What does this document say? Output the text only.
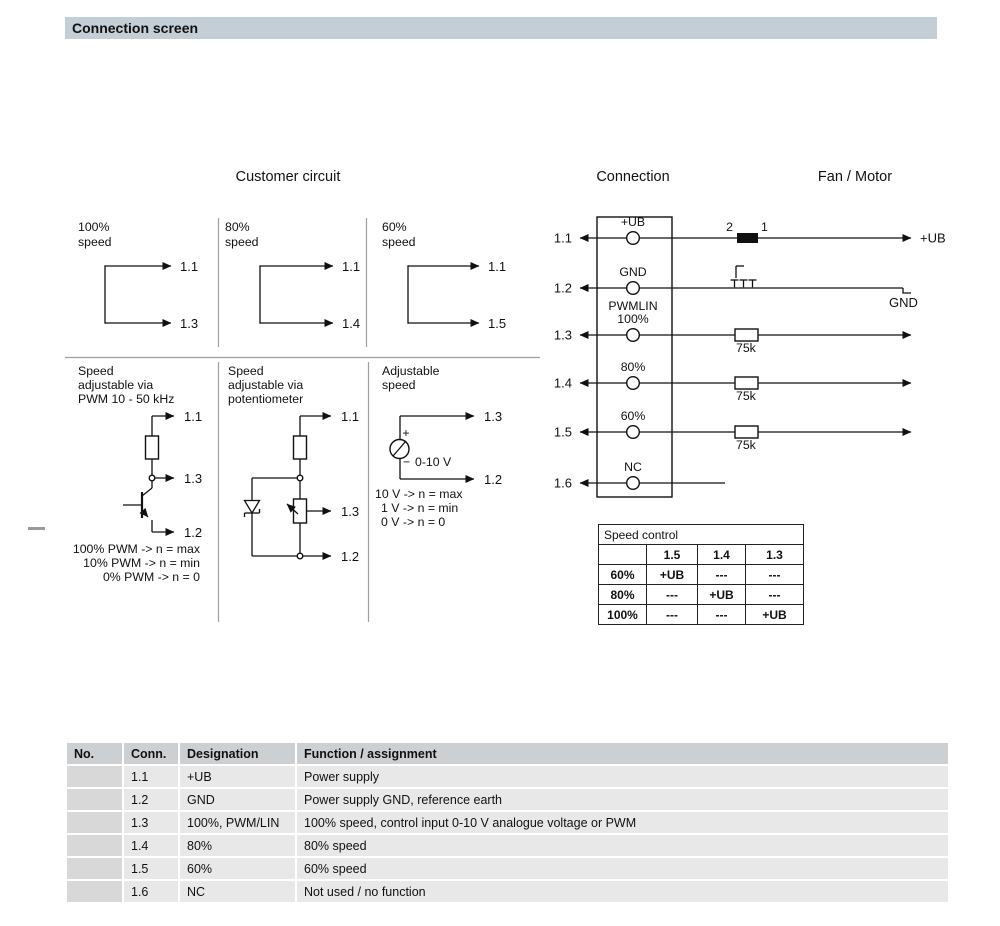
Connection screen
Customer circuit	Connection	Fan / Motor
100%
speed
1.1
1.3
80%
speed
1.1
1.4
60%
speed
1.1
1.5
Speed
adjustable via
PWM 10 - 50 kHz
1.1
1.3
1.2
100% PWM -> n = max
10% PWM -> n = min
0% PWM -> n = 0
Speed
adjustable via
potentiometer
1.1
1.3
1.2
Adjustable
speed
1.3
+
− 0-10 V
1.2
10 V -> n = max
1 V -> n = min
0 V -> n = 0
1.1
+UB	2 1
+UB
1.2
GND
GND
1.3
PWMLIN
100%
75k
1.4
80%
75k
1.5
60%
75k
1.6
NC
Speed control			
	1.5	1.4	1.3
60%	+UB	---	---
80%	---	+UB	---
100%	---	---	+UB
No.	Conn.	Designation	Function / assignment
	1.1	+UB	Power supply
	1.2	GND	Power supply GND, reference earth
	1.3	100%, PWM/LIN	100% speed, control input 0-10 V analogue voltage or PWM
	1.4	80%	80% speed
	1.5	60%	60% speed
	1.6	NC	Not used / no function
